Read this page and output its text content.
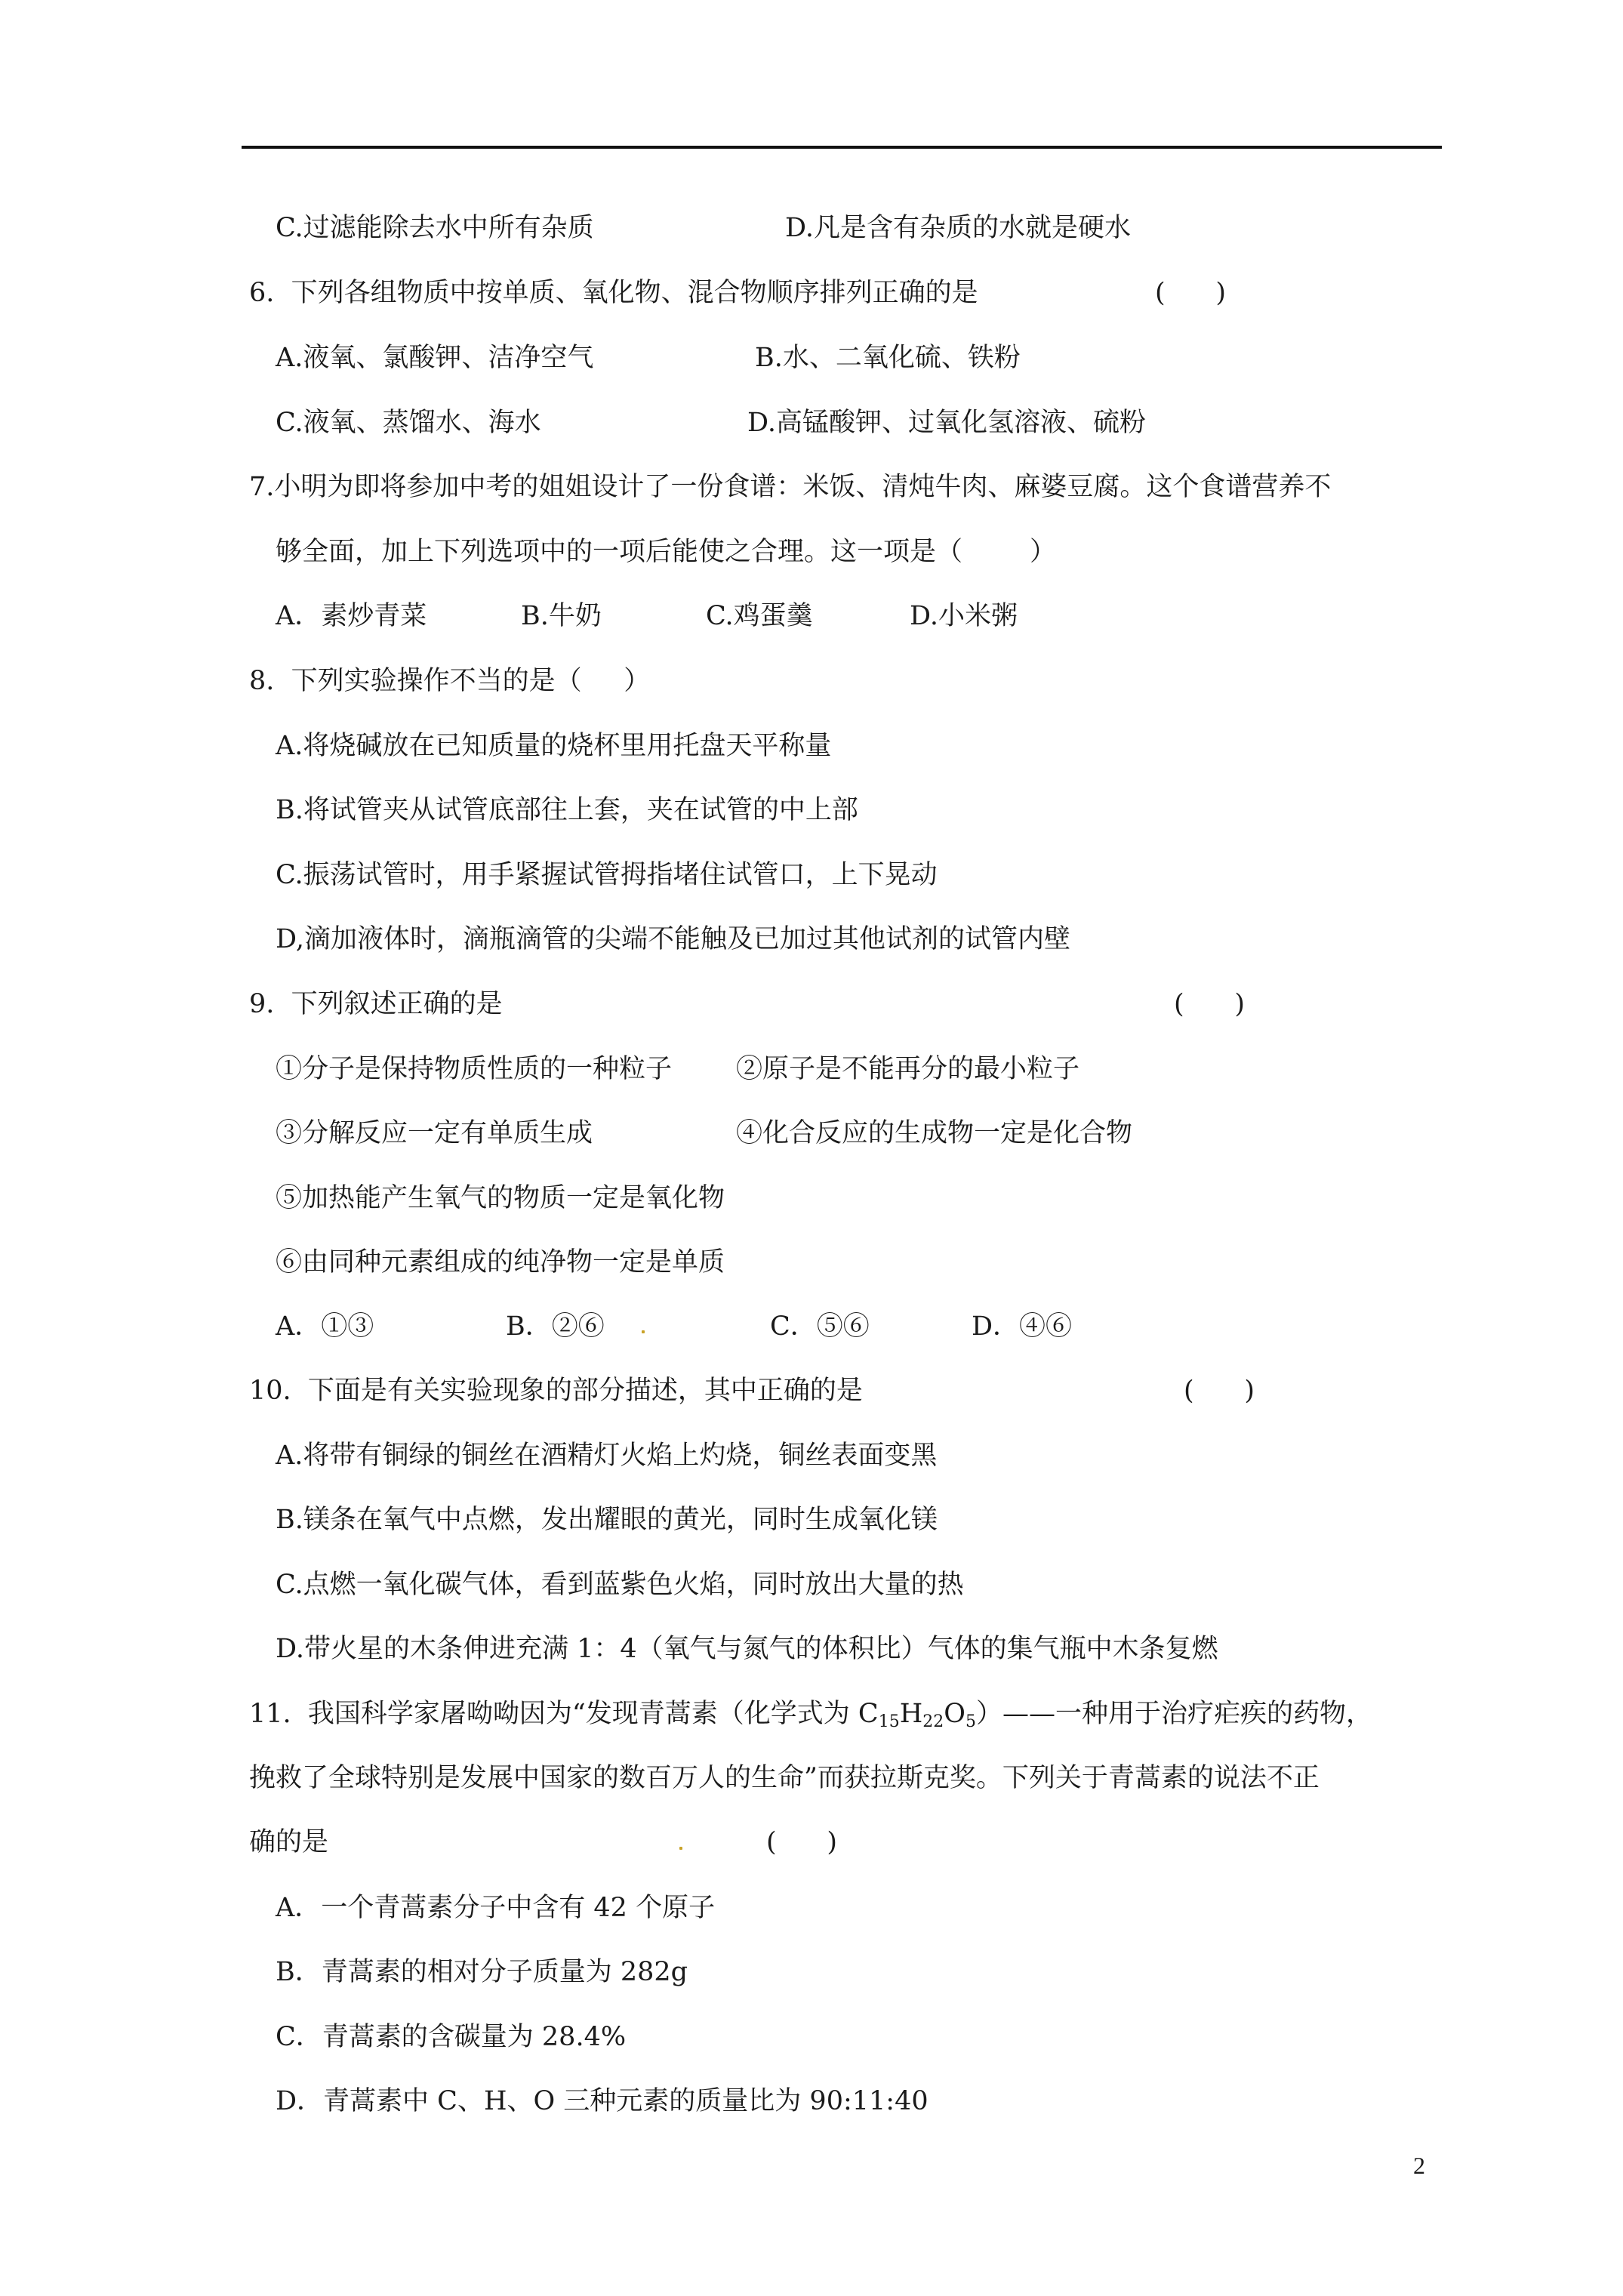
C.过滤能除去水中所有杂质	D.凡是含有杂质的水就是硬水
6.  下列各组物质中按单质、氧化物、混合物顺序排列正确的是	(      )
A.液氧、氯酸钾、洁净空气	B.水、二氧化硫、铁粉
C.液氧、蒸馏水、海水	D.高锰酸钾、过氧化氢溶液、硫粉
7.小明为即将参加中考的姐姐设计了一份食谱：米饭、清炖牛肉、麻婆豆腐。这个食谱营养不
够全面，加上下列选项中的一项后能使之合理。这一项是（        ）
A．素炒青菜	B.牛奶	C.鸡蛋羹	D.小米粥
8.  下列实验操作不当的是（     ）
A.将烧碱放在已知质量的烧杯里用托盘天平称量
B.将试管夹从试管底部往上套，夹在试管的中上部
C.振荡试管时，用手紧握试管拇指堵住试管口，上下晃动
D,滴加液体时，滴瓶滴管的尖端不能触及已加过其他试剂的试管内壁
9.  下列叙述正确的是	(      )
①分子是保持物质性质的一种粒子 ②原子是不能再分的最小粒子
③分解反应一定有单质生成	④化合反应的生成物一定是化合物
⑤加热能产生氧气的物质一定是氧化物
⑥由同种元素组成的纯净物一定是单质
A．①③	B．②⑥	C．⑤⑥	D．④⑥
10.  下面是有关实验现象的部分描述，其中正确的是	(      )
A.将带有铜绿的铜丝在酒精灯火焰上灼烧，铜丝表面变黑
B.镁条在氧气中点燃，发出耀眼的黄光，同时生成氧化镁
C.点燃一氧化碳气体，看到蓝紫色火焰，同时放出大量的热
D.带火星的木条伸进充满 1：4（氧气与氮气的体积比）气体的集气瓶中木条复燃
11.  我国科学家屠呦呦因为“发现青蒿素（化学式为 $C_{15}H_{22}O_5)——$一种用于治疗疟疾的药物，
挽救了全球特别是发展中国家的数百万人的生命”而获拉斯克奖。下列关于青蒿素的说法不正
确的是	(      )
A．一个青蒿素分子中含有 42 个原子
B．青蒿素的相对分子质量为 282g
C．青蒿素的含碳量为 28.4%
D．青蒿素中 C、H、O 三种元素的质量比为 90:11:40
2
